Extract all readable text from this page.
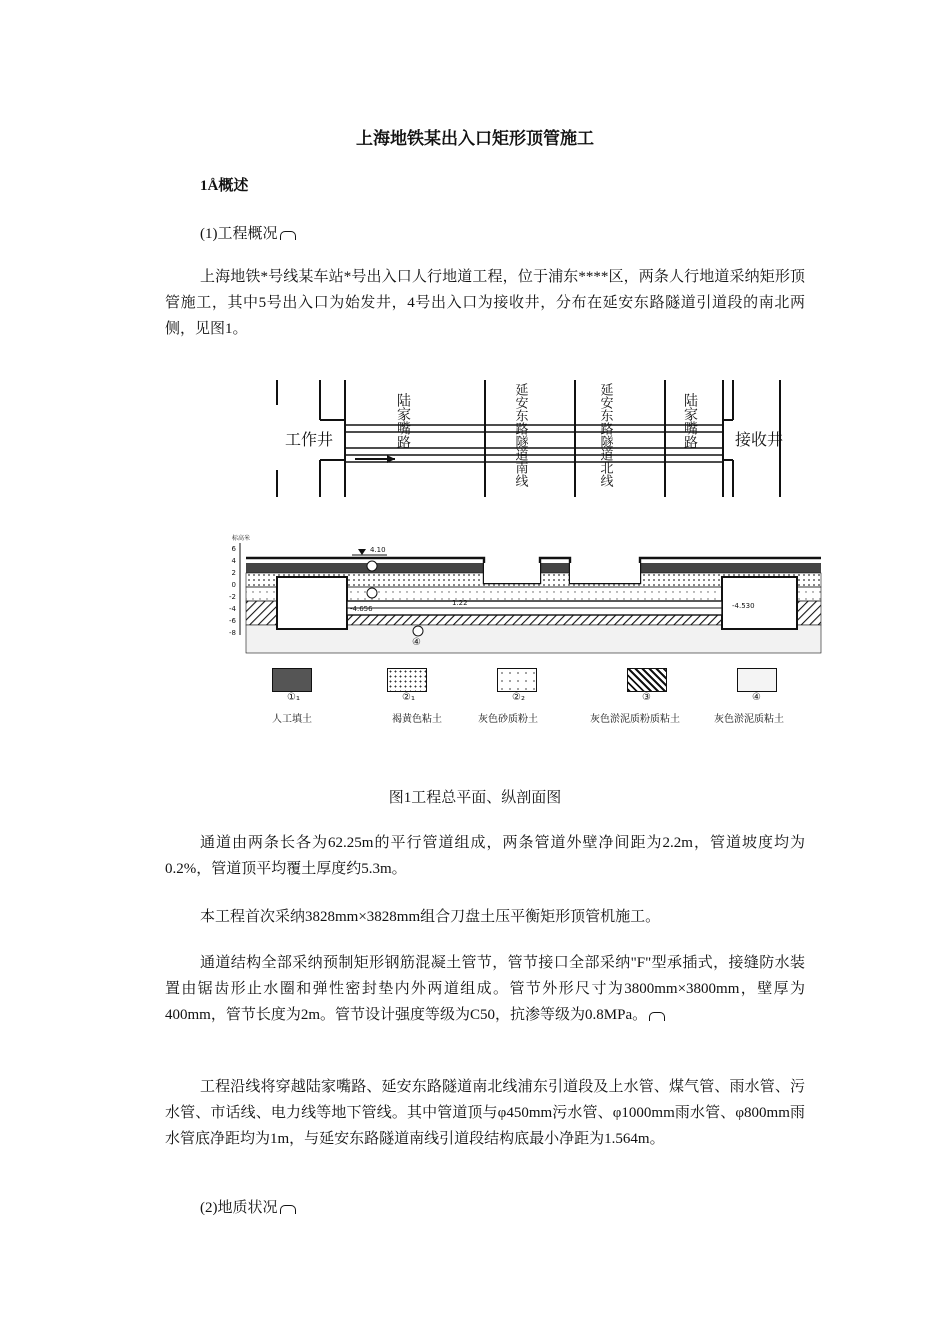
上海地铁某出入口矩形顶管施工
1Å概述
(1)工程概况
上海地铁*号线某车站*号出入口人行地道工程，位于浦东****区，两条人行地道采纳矩形顶管施工，其中5号出入口为始发井，4号出入口为接收井，分布在延安东路隧道引道段的南北两侧，见图1。
工作井	接收井
陆家嘴路	延安东路隧道南线	延安东路隧道北线	陆家嘴路
标高 米
6
4
2
0
-2
-4
-6
-8
4.10
-4.656
1.22	-4.530
④
人工填土	褐黄色粘土	灰色砂质粉土	灰色淤泥质粉质粘土	灰色淤泥质粘土
①₁	②₁	②₂	③	④
图1工程总平面、纵剖面图
通道由两条长各为62.25m的平行管道组成，两条管道外壁净间距为2.2m，管道坡度均为0.2%，管道顶平均覆土厚度约5.3m。
本工程首次采纳3828mm×3828mm组合刀盘土压平衡矩形顶管机施工。
通道结构全部采纳预制矩形钢筋混凝土管节，管节接口全部采纳"F"型承插式，接缝防水装置由锯齿形止水圈和弹性密封垫内外两道组成。管节外形尺寸为3800mm×3800mm，壁厚为400mm，管节长度为2m。管节设计强度等级为C50，抗渗等级为0.8MPa。
工程沿线将穿越陆家嘴路、延安东路隧道南北线浦东引道段及上水管、煤气管、雨水管、污水管、市话线、电力线等地下管线。其中管道顶与φ450mm污水管、φ1000mm雨水管、φ800mm雨水管底净距均为1m，与延安东路隧道南线引道段结构底最小净距为1.564m。
(2)地质状况
